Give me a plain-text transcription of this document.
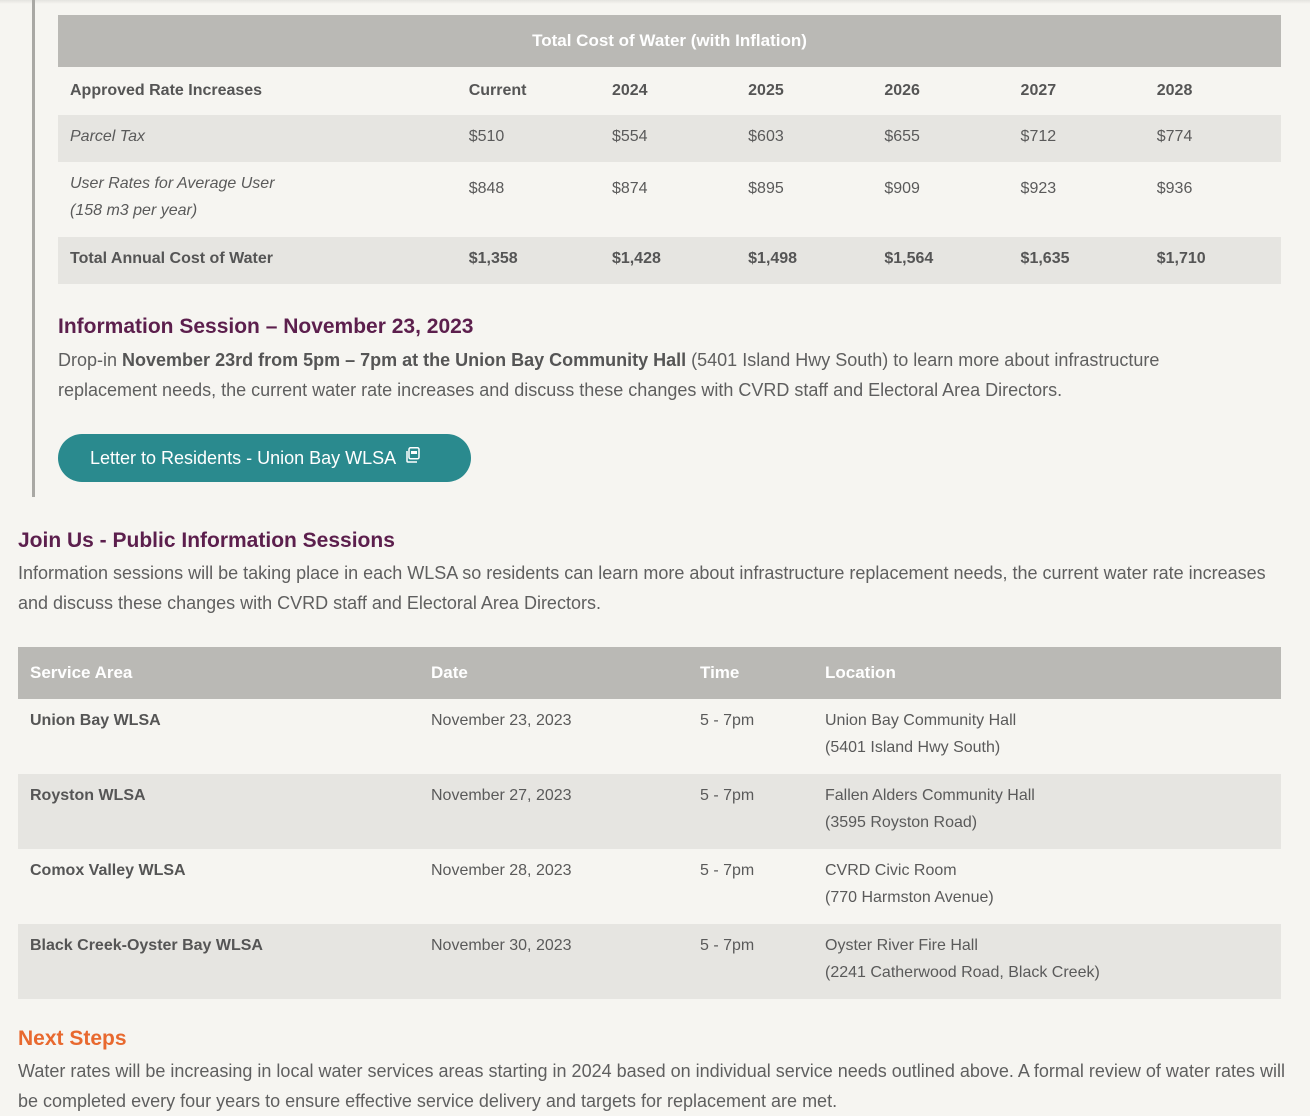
Total Cost of Water (with Inflation)						
Approved Rate Increases	Current	2024	2025	2026	2027	2028
Parcel Tax	$510	$554	$603	$655	$712	$774
User Rates for Average User
(158 m3 per year)	$848	$874	$895	$909	$923	$936
Total Annual Cost of Water	$1,358	$1,428	$1,498	$1,564	$1,635	$1,710
Information Session – November 23, 2023

Drop-in November 23rd from 5pm – 7pm at the Union Bay Community Hall (5401 Island Hwy South) to learn more about infrastructure replacement needs, the current water rate increases and discuss these changes with CVRD staff and Electoral Area Directors.

Letter to Residents - Union Bay WLSA
Join Us - Public Information Sessions

Information sessions will be taking place in each WLSA so residents can learn more about infrastructure replacement needs, the current water rate increases and discuss these changes with CVRD staff and Electoral Area Directors.

Service Area	Date	Time	Location
Union Bay WLSA	November 23, 2023	5 - 7pm	Union Bay Community Hall
(5401 Island Hwy South)
Royston WLSA	November 27, 2023	5 - 7pm	Fallen Alders Community Hall
(3595 Royston Road)
Comox Valley WLSA	November 28, 2023	5 - 7pm	CVRD Civic Room
(770 Harmston Avenue)
Black Creek-Oyster Bay WLSA	November 30, 2023	5 - 7pm	Oyster River Fire Hall
(2241 Catherwood Road, Black Creek)
Next Steps

Water rates will be increasing in local water services areas starting in 2024 based on individual service needs outlined above. A formal review of water rates will be completed every four years to ensure effective service delivery and targets for replacement are met.
